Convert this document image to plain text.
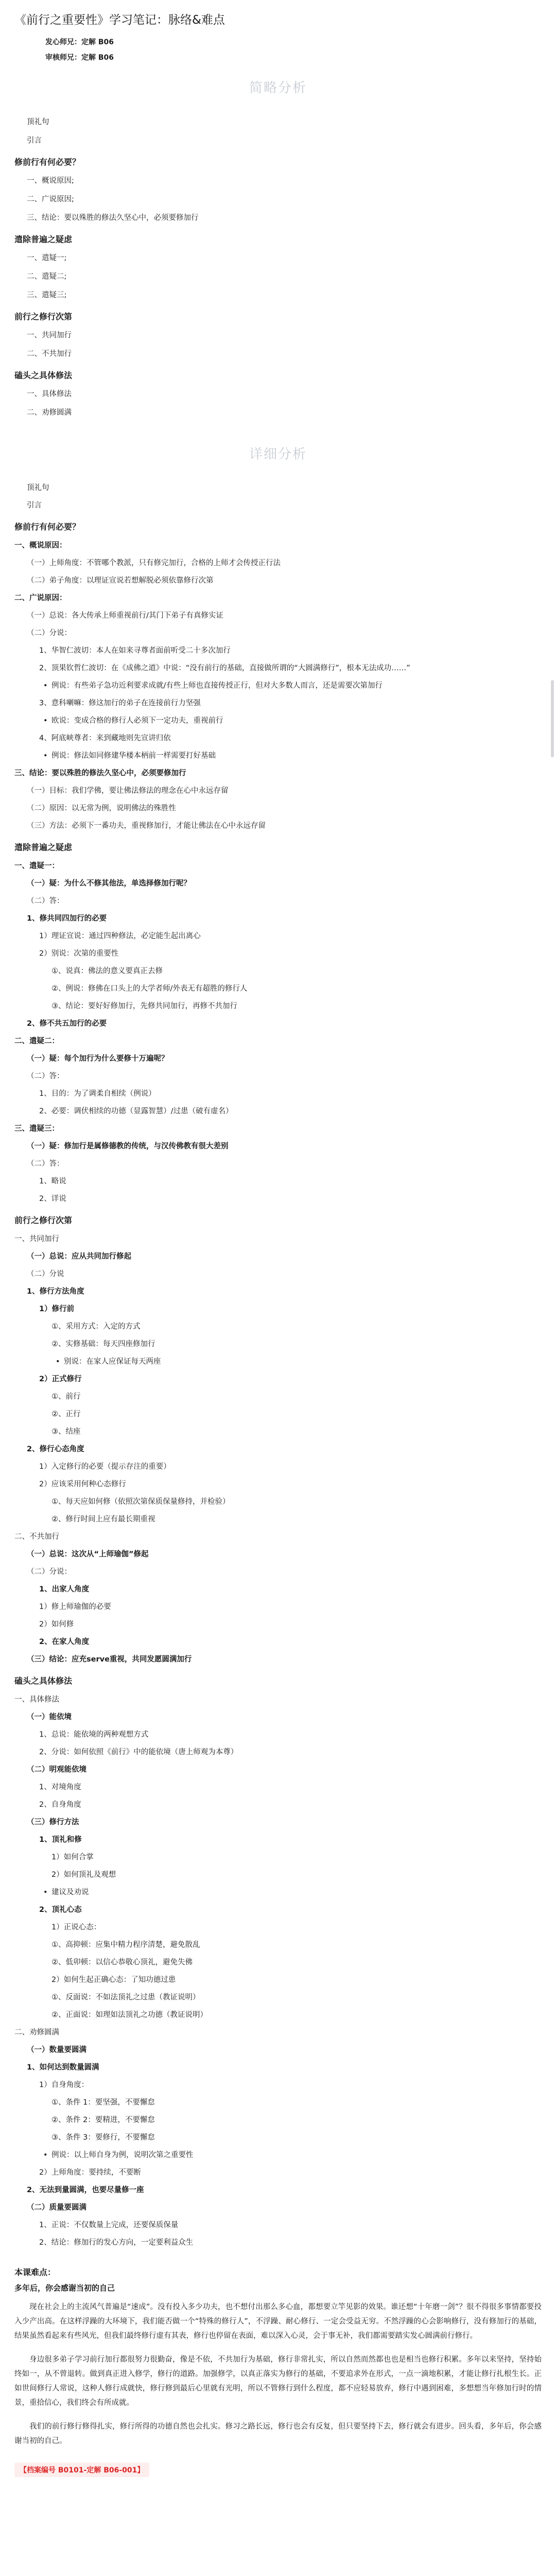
《前行之重要性》学习笔记：脉络&难点
发心师兄：定解 B06
审核师兄：定解 B06
简略分析
顶礼句
引言
修前行有何必要？
一、概说原因;
二、广说原因;
三、结论：要以殊胜的修法久坚心中，必须要修加行
遣除普遍之疑虑
一、遣疑一;
二、遣疑二;
三、遣疑三;
前行之修行次第
一、共同加行
二、不共加行
磕头之具体修法
一、具体修法
二、劝修圆满
详细分析
顶礼句
引言
修前行有何必要？
一、概说原因：
（一）上师角度：不管哪个教派，只有修完加行，合格的上师才会传授正行法
（二）弟子角度：以理证宣说若想解脱必须依靠修行次第
二、广说原因：
（一）总说：各大传承上师重视前行/其门下弟子有真修实证
（二）分说：
1、华智仁波切：本人在如来寻尊者面前听受二十多次加行
2、顶果钦哲仁波切：在《成佛之道》中说：“没有前行的基础，直接做所谓的“大圆满修行”，根本无法成功……”
• 例说：有些弟子急功近利要求成就/有些上师也直接传授正行，但对大多数人而言，还是需要次第加行
3、意科喇嘛：修这加行的弟子在连接前行力坚强
• 欧说：变成合格的修行人必须下一定功夫，重视前行
4、阿底峡尊者：来到藏地则先宣讲归依
• 例说：修法如同修建华楼本柄前一样需要打好基础
三、结论：要以殊胜的修法久坚心中，必须要修加行
（一）目标：我们学佛，要让佛法修法的理念在心中永远存留
（二）原因：以无常为例，说明佛法的殊胜性
（三）方法：必须下一番功夫，重视修加行，才能让佛法在心中永远存留
遣除普遍之疑虑
一、遣疑一：
（一）疑：为什么不修其他法，单选择修加行呢？
（二）答：
1、修共同四加行的必要
1）理证宣说：通过四种修法，必定能生起出离心
2）别说：次第的重要性
①、说真：佛法的意义要真正去修
②、例说：修佛在口头上的大学者师/外表无有超胜的修行人
③、结论：要好好修加行，先修共同加行，再修不共加行
2、修不共五加行的必要
二、遣疑二：
（一）疑：每个加行为什么要修十万遍呢？
（二）答：
1、目的：为了调柔自相续（例说）
2、必要：调伏相续的功德（显露智慧）/过患（破有虚名）
三、遣疑三：
（一）疑：修加行是属修德教的传统，与汉传佛教有很大差别
（二）答：
1、略说
2、详说
前行之修行次第
一、共同加行
（一）总说：应从共同加行修起
（二）分说
1、修行方法角度
1）修行前
①、采用方式：入定的方式
②、实修基础：每天四座修加行
• 别说：在家人应保证每天两座
2）正式修行
①、前行
②、正行
③、结座
2、修行心态角度
1）入定修行的必要（提示存注的重要）
2）应该采用何种心态修行
①、每天应如何修（依照次第保质保量修持，并检验）
②、修行时间上应有最长期重视
二、不共加行
（一）总说：这次从“上师瑜伽”修起
（二）分说：
1、出家人角度
1）修上师瑜伽的必要
2）如何修
2、在家人角度
（三）结论：应充serve重视，共同发愿圆满加行
磕头之具体修法
一、具体修法
（一）能依境
1、总说：能依境的两种观想方式
2、分说：如何依照《前行》中的能依境（唐上师观为本尊）
（二）明观能依境
1、对境角度
2、自身角度
（三）修行方法
1、顶礼和修
1）如何合掌
2）如何顶礼及观想
• 建议及劝说
2、顶礼心态
1）正说心态：
①、高抑顿：应集中精力程序清楚，避免散乱
②、低卯顿：以信心恭敬心顶礼，避免失佛
2）如何生起正确心态：了知功德过患
①、反面说：不如法顶礼之过患（教证说明）
②、正面说：如理如法顶礼之功德（教证说明）
二、劝修圆满
（一）数量要圆满
1、如何达到数量圆满
1）自身角度：
①、条件 1：要坚强，不要懈怠
②、条件 2：要精进，不要懈怠
③、条件 3：要修行，不要懈怠
• 例说：以上师自身为例，说明次第之重要性
2）上师角度：要持续，不要断
2、无法到量圆满，也要尽量修一座
（二）质量要圆满
1、正说：不仅数量上完成，还要保质保量
2、结论：修加行的发心方向，一定要利益众生
本课难点：
多年后，你会感谢当初的自己

现在社会上的主流风气普遍是“速成”。没有投入多少功夫，也不想付出那么多心血，都想要立竿见影的效果。谁还想“十年磨一剑”？很不得很多事情都要投入少产出高。在这样浮躁的大环境下，我们能否做一个“特殊的修行人”，不浮躁、耐心修行、一定会受益无穷。不然浮躁的心会影响修行，没有修加行的基础，结果虽然看起来有些风光，但我们最终修行虚有其表，修行也停留在表面，难以深入心灵，会于事无补，我们都需要踏实发心圆满前行修行。

身边很多弟子学习前行加行都很努力很勤奋，像是不依，不共加行为基础，修行非常扎实，所以自然而然都也也是相当也修行积累。多年以来坚持，坚持始终如一，从不曾退转。做到真正进入修学，修行的道路。加强修学，以真正落实为修行的基础，不要追求外在形式，一点一滴地积累，才能让修行扎根生长。正如世间修行人常说，这种人修行成就快，修行修到最后心里就有光明，所以不管修行到什么程度，都不应轻易放弃，修行中遇到困难，多想想当年修加行时的情景，重拾信心，我们终会有所成就。

我们的前行修行修得扎实，修行所得的功德自然也会扎实。修习之路长远，修行也会有反复，但只要坚持下去，修行就会有进步。回头看，多年后，你会感谢当初的自己。

【档案编号 B0101-定解 B06-001】
